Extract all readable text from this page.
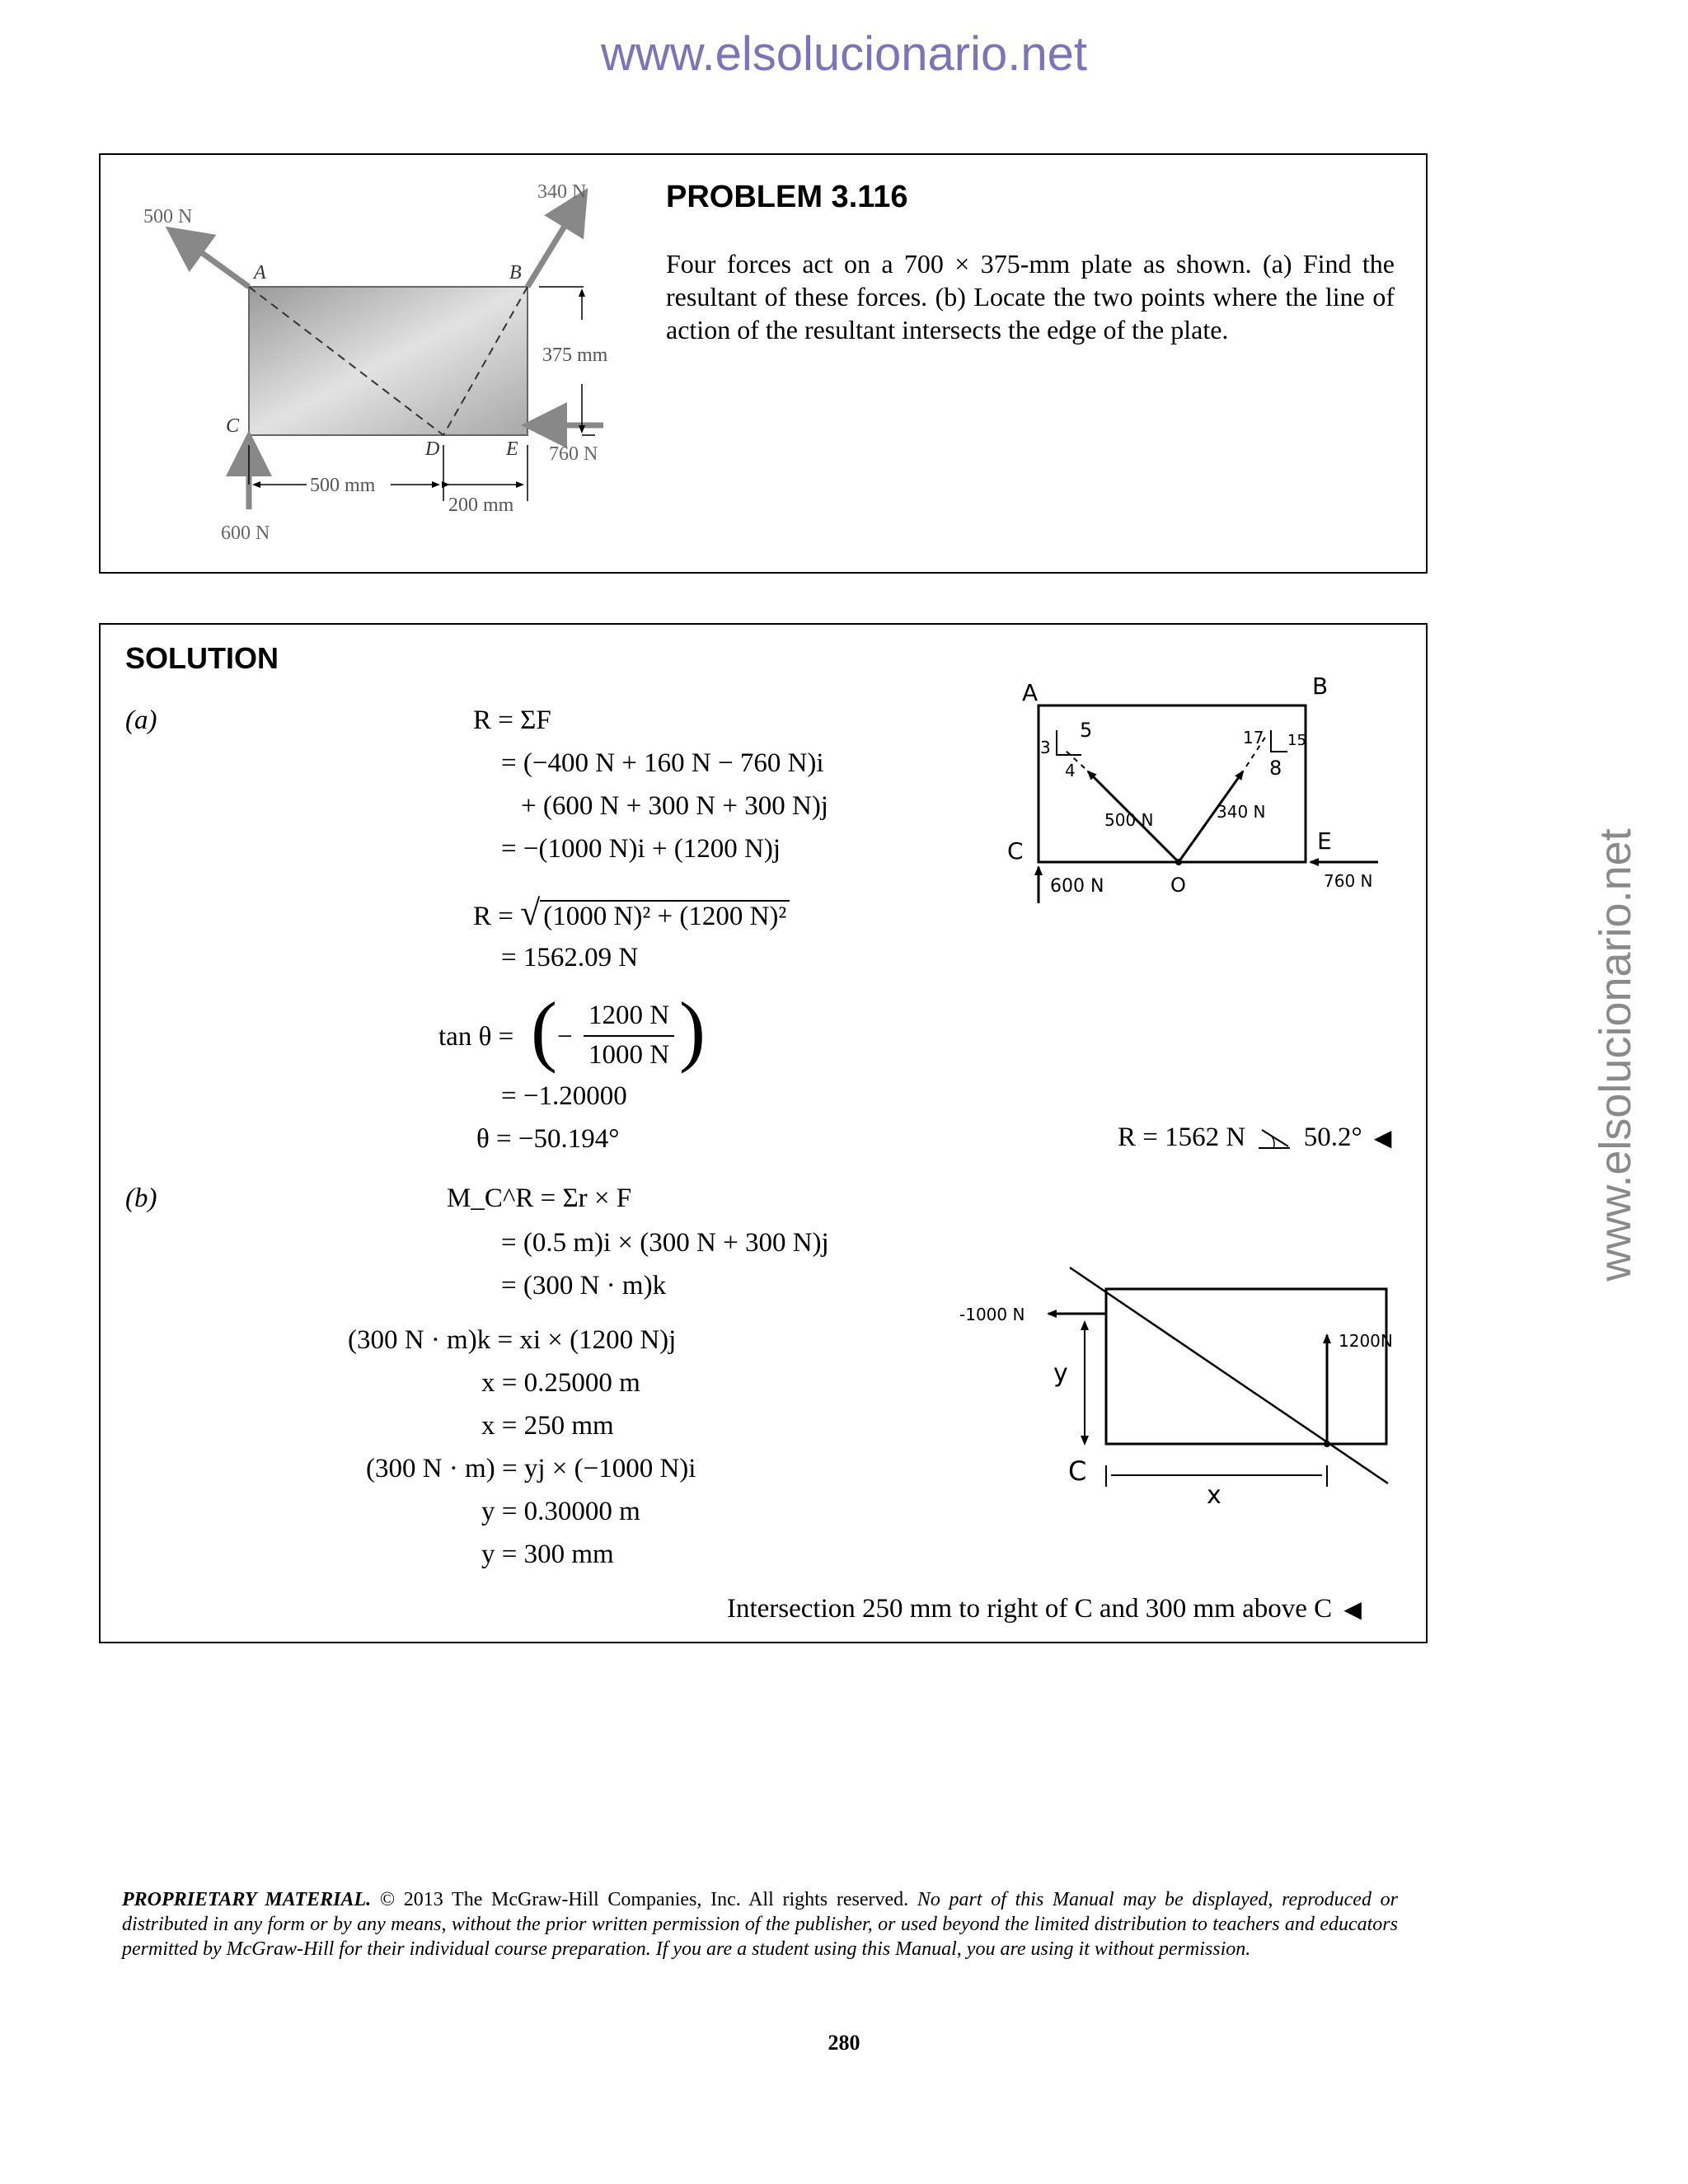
www.elsolucionario.net
www.elsolucionario.net
500 N
340 N
760 N
600 N
375 mm
500 mm
200 mm
A	B
C
D	E
PROBLEM 3.116
Four forces act on a 700 × 375-mm plate as shown. (a) Find the resultant of these forces. (b) Locate the two points where the line of action of the resultant intersects the edge of the plate.
SOLUTION
(a)	R = ΣF
= (−400 N + 160 N − 760 N)i
+ (600 N + 300 N + 300 N)j
= −(1000 N)i + (1200 N)j
R = √ (1000 N)² + (1200 N)²
= 1562.09 N
tan θ = ( −
1200 N
1000 N )
= −1.20000
θ = −50.194°	R = 1562 N 50.2° ◀
(b)	M_C^R = Σr × F
= (0.5 m)i × (300 N + 300 N)j
= (300 N · m)k
(300 N · m)k = xi × (1200 N)j
x = 0.25000 m
x = 250 mm
(300 N · m) = yj × (−1000 N)i
y = 0.30000 m
y = 300 mm
Intersection 250 mm to right of C and 300 mm above C ◀
A	B
C	E
O
3
4
5	17
8
15
500 N	340 N
760 N
600 N
-1000 N
1200N
y
C
x
PROPRIETARY MATERIAL. © 2013 The McGraw-Hill Companies, Inc. All rights reserved. No part of this Manual may be displayed, reproduced or distributed in any form or by any means, without the prior written permission of the publisher, or used beyond the limited distribution to teachers and educators permitted by McGraw-Hill for their individual course preparation. If you are a student using this Manual, you are using it without permission.
280
